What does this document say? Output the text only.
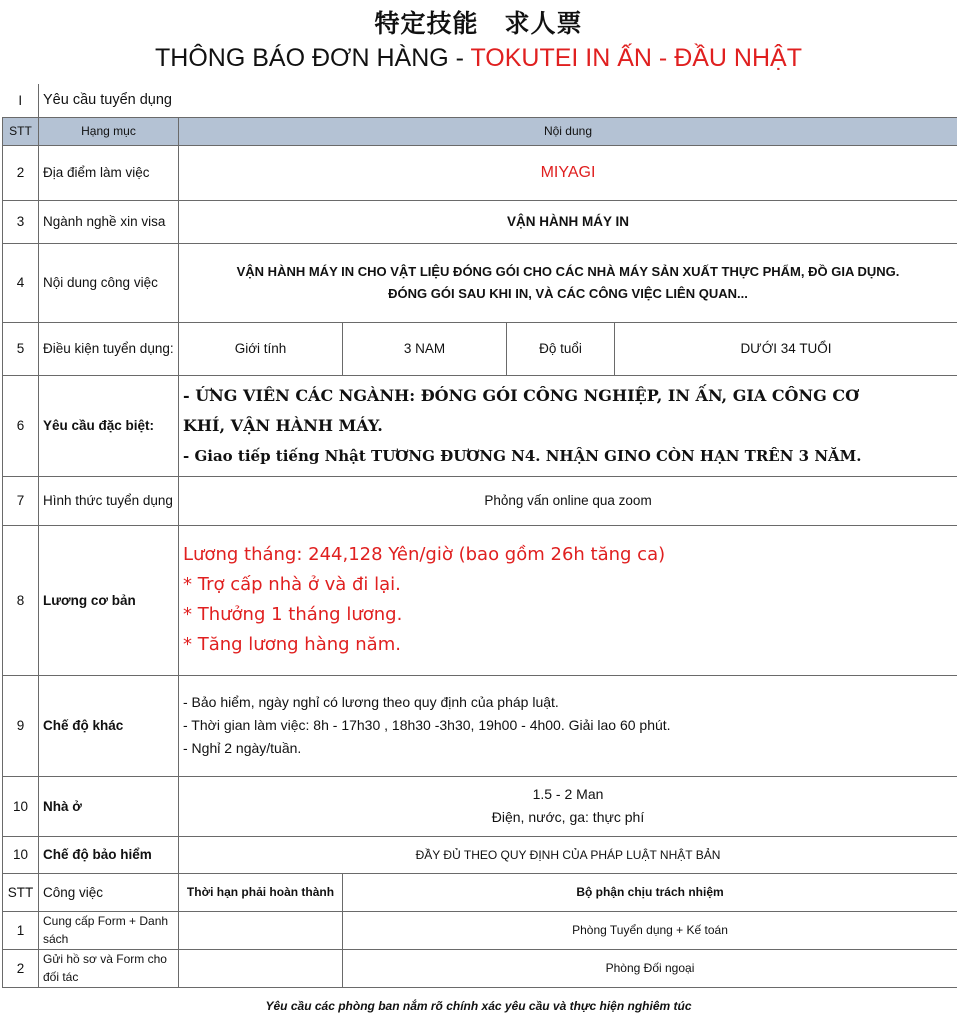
特定技能　求人票
THÔNG BÁO ĐƠN HÀNG - TOKUTEI IN ẤN - ĐẦU NHẬT
I	Yêu cầu tuyển dụng				
STT	Hạng mục	Nội dung			
2	Địa điểm làm việc	MIYAGI			
3	Ngành nghề xin visa	VẬN HÀNH MÁY IN			
4	Nội dung công việc	VẬN HÀNH MÁY IN CHO VẬT LIỆU ĐÓNG GÓI CHO CÁC NHÀ MÁY SẢN XUẤT THỰC PHẨM, ĐỒ GIA DỤNG.
ĐÓNG GÓI SAU KHI IN, VÀ CÁC CÔNG VIỆC LIÊN QUAN...			

5	Điều kiện tuyển dụng:	Giới tính	3 NAM	Độ tuổi	DƯỚI 34 TUỔI
6	Yêu cầu đặc biệt:	- ỨNG VIÊN CÁC NGÀNH: ĐÓNG GÓI CÔNG NGHIỆP, IN ẤN, GIA CÔNG CƠ
KHÍ, VẬN HÀNH MÁY.
- Giao tiếp tiếng Nhật TƯƠNG ĐƯƠNG N4. NHẬN GINO CÒN HẠN TRÊN 3 NĂM.			

7	Hình thức tuyển dụng	Phỏng vấn online qua zoom			
8	Lương cơ bản	Lương tháng: 244,128 Yên/giờ (bao gồm 26h tăng ca)
* Trợ cấp nhà ở và đi lại.
* Thưởng 1 tháng lương.
* Tăng lương hàng năm.			

9	Chế độ khác	- Bảo hiểm, ngày nghỉ có lương theo quy định của pháp luật.
- Thời gian làm việc: 8h - 17h30 , 18h30 -3h30, 19h00 - 4h00. Giải lao 60 phút.
- Nghỉ 2 ngày/tuần.			

10	Nhà ở	1.5 - 2 Man
Điện, nước, ga: thực phí			

10	Chế độ bảo hiểm	ĐẦY ĐỦ THEO QUY ĐỊNH CỦA PHÁP LUẬT NHẬT BẢN			
STT	Công việc	Thời hạn phải hoàn thành	Bộ phận chịu trách nhiệm		
1	Cung cấp Form + Danh sách		Phòng Tuyển dụng + Kế toán		
2	Gửi hồ sơ và Form cho đối tác		Phòng Đối ngoại		
Yêu cầu các phòng ban nắm rõ chính xác yêu cầu và thực hiện nghiêm túc
